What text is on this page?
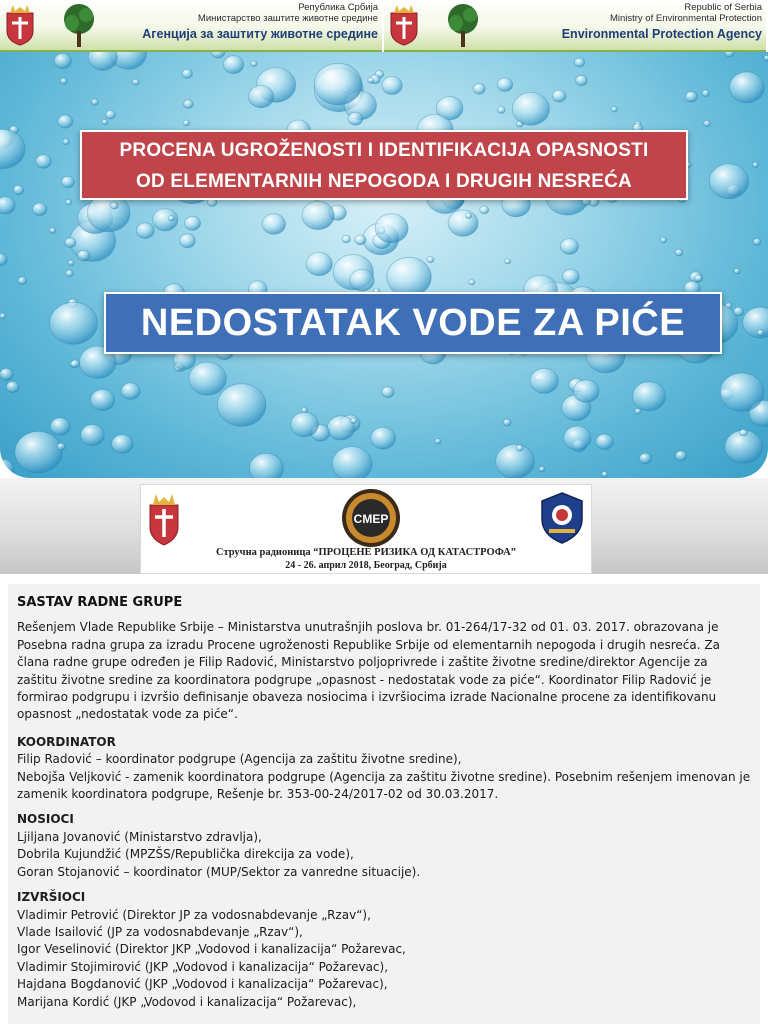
Република Србија
Министарство заштите животне средине
Агенција за заштиту животне средине
Republic of Serbia
Ministry of Environmental Protection
Environmental Protection Agency
PROCENA UGROŽENOSTI I IDENTIFIKACIJA OPASNOSTI
OD ELEMENTARNIH NEPOGODA I DRUGIH NESREĆA
NEDOSTATAK VODE ZA PIĆE
CMEP
Стручна радионица “ПРОЦЕНЕ РИЗИКА ОД КАТАСТРОФА”
24 - 26. април 2018, Београд, Србија
SASTAV RADNE GRUPE

Rešenjem Vlade Republike Srbije – Ministarstva unutrašnjih poslova br. 01-264/17-32 od 01. 03. 2017. obrazovana je Posebna radna grupa za izradu Procene ugroženosti Republike Srbije od elementarnih nepogoda i drugih nesreća. Za člana radne grupe određen je Filip Radović, Ministarstvo poljoprivrede i zaštite životne sredine/direktor Agencije za zaštitu životne sredine za koordinatora podgrupe „opasnost - nedostatak vode za piće“. Koordinator Filip Radović je formirao podgrupu i izvršio definisanje obaveza nosiocima i izvršiocima izrade Nacionalne procene za identifikovanu opasnost „nedostatak vode za piće“.

KOORDINATOR

Filip Radović – koordinator podgrupe (Agencija za zaštitu životne sredine),
Nebojša Veljković - zamenik koordinatora podgrupe (Agencija za zaštitu životne sredine). Posebnim rešenjem imenovan je zamenik koordinatora podgrupe, Rešenje br. 353-00-24/2017-02 od 30.03.2017.

NOSIOCI

Ljiljana Jovanović (Ministarstvo zdravlja),
Dobrila Kujundžić (MPZŠS/Republička direkcija za vode),
Goran Stojanović – koordinator (MUP/Sektor za vanredne situacije).

IZVRŠIOCI

Vladimir Petrović (Direktor JP za vodosnabdevanje „Rzav“),
Vlade Isailović (JP za vodosnabdevanje „Rzav“),
Igor Veselinović (Direktor JKP „Vodovod i kanalizacija“ Požarevac,
Vladimir Stojimirović (JKP „Vodovod i kanalizacija“ Požarevac),
Hajdana Bogdanović (JKP „Vodovod i kanalizacija“ Požarevac),
Marijana Kordić (JKP „Vodovod i kanalizacija“ Požarevac),
